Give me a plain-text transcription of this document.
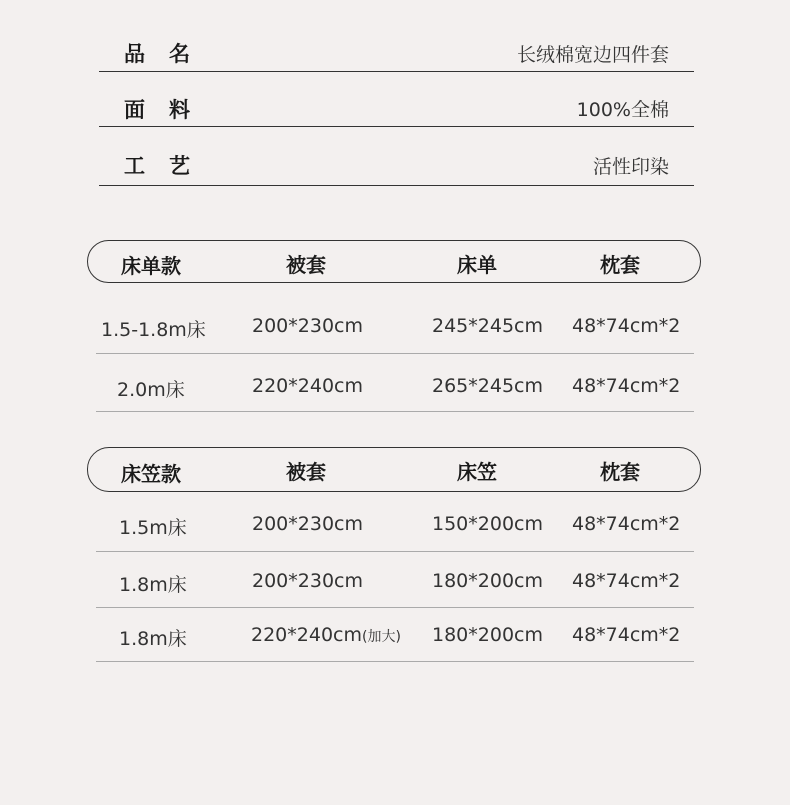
品名	长绒棉宽边四件套
面料	100%全棉
工艺	活性印染
床单款	被套	床单	枕套
1.5-1.8m床 200*230cm	245*245cm 48*74cm*2
2.0m床	220*240cm	265*245cm 48*74cm*2
床笠款	被套	床笠	枕套
1.5m床	200*230cm	150*200cm 48*74cm*2
1.8m床	200*230cm	180*200cm 48*74cm*2
1.8m床	220*240cm(加大) 180*200cm 48*74cm*2
